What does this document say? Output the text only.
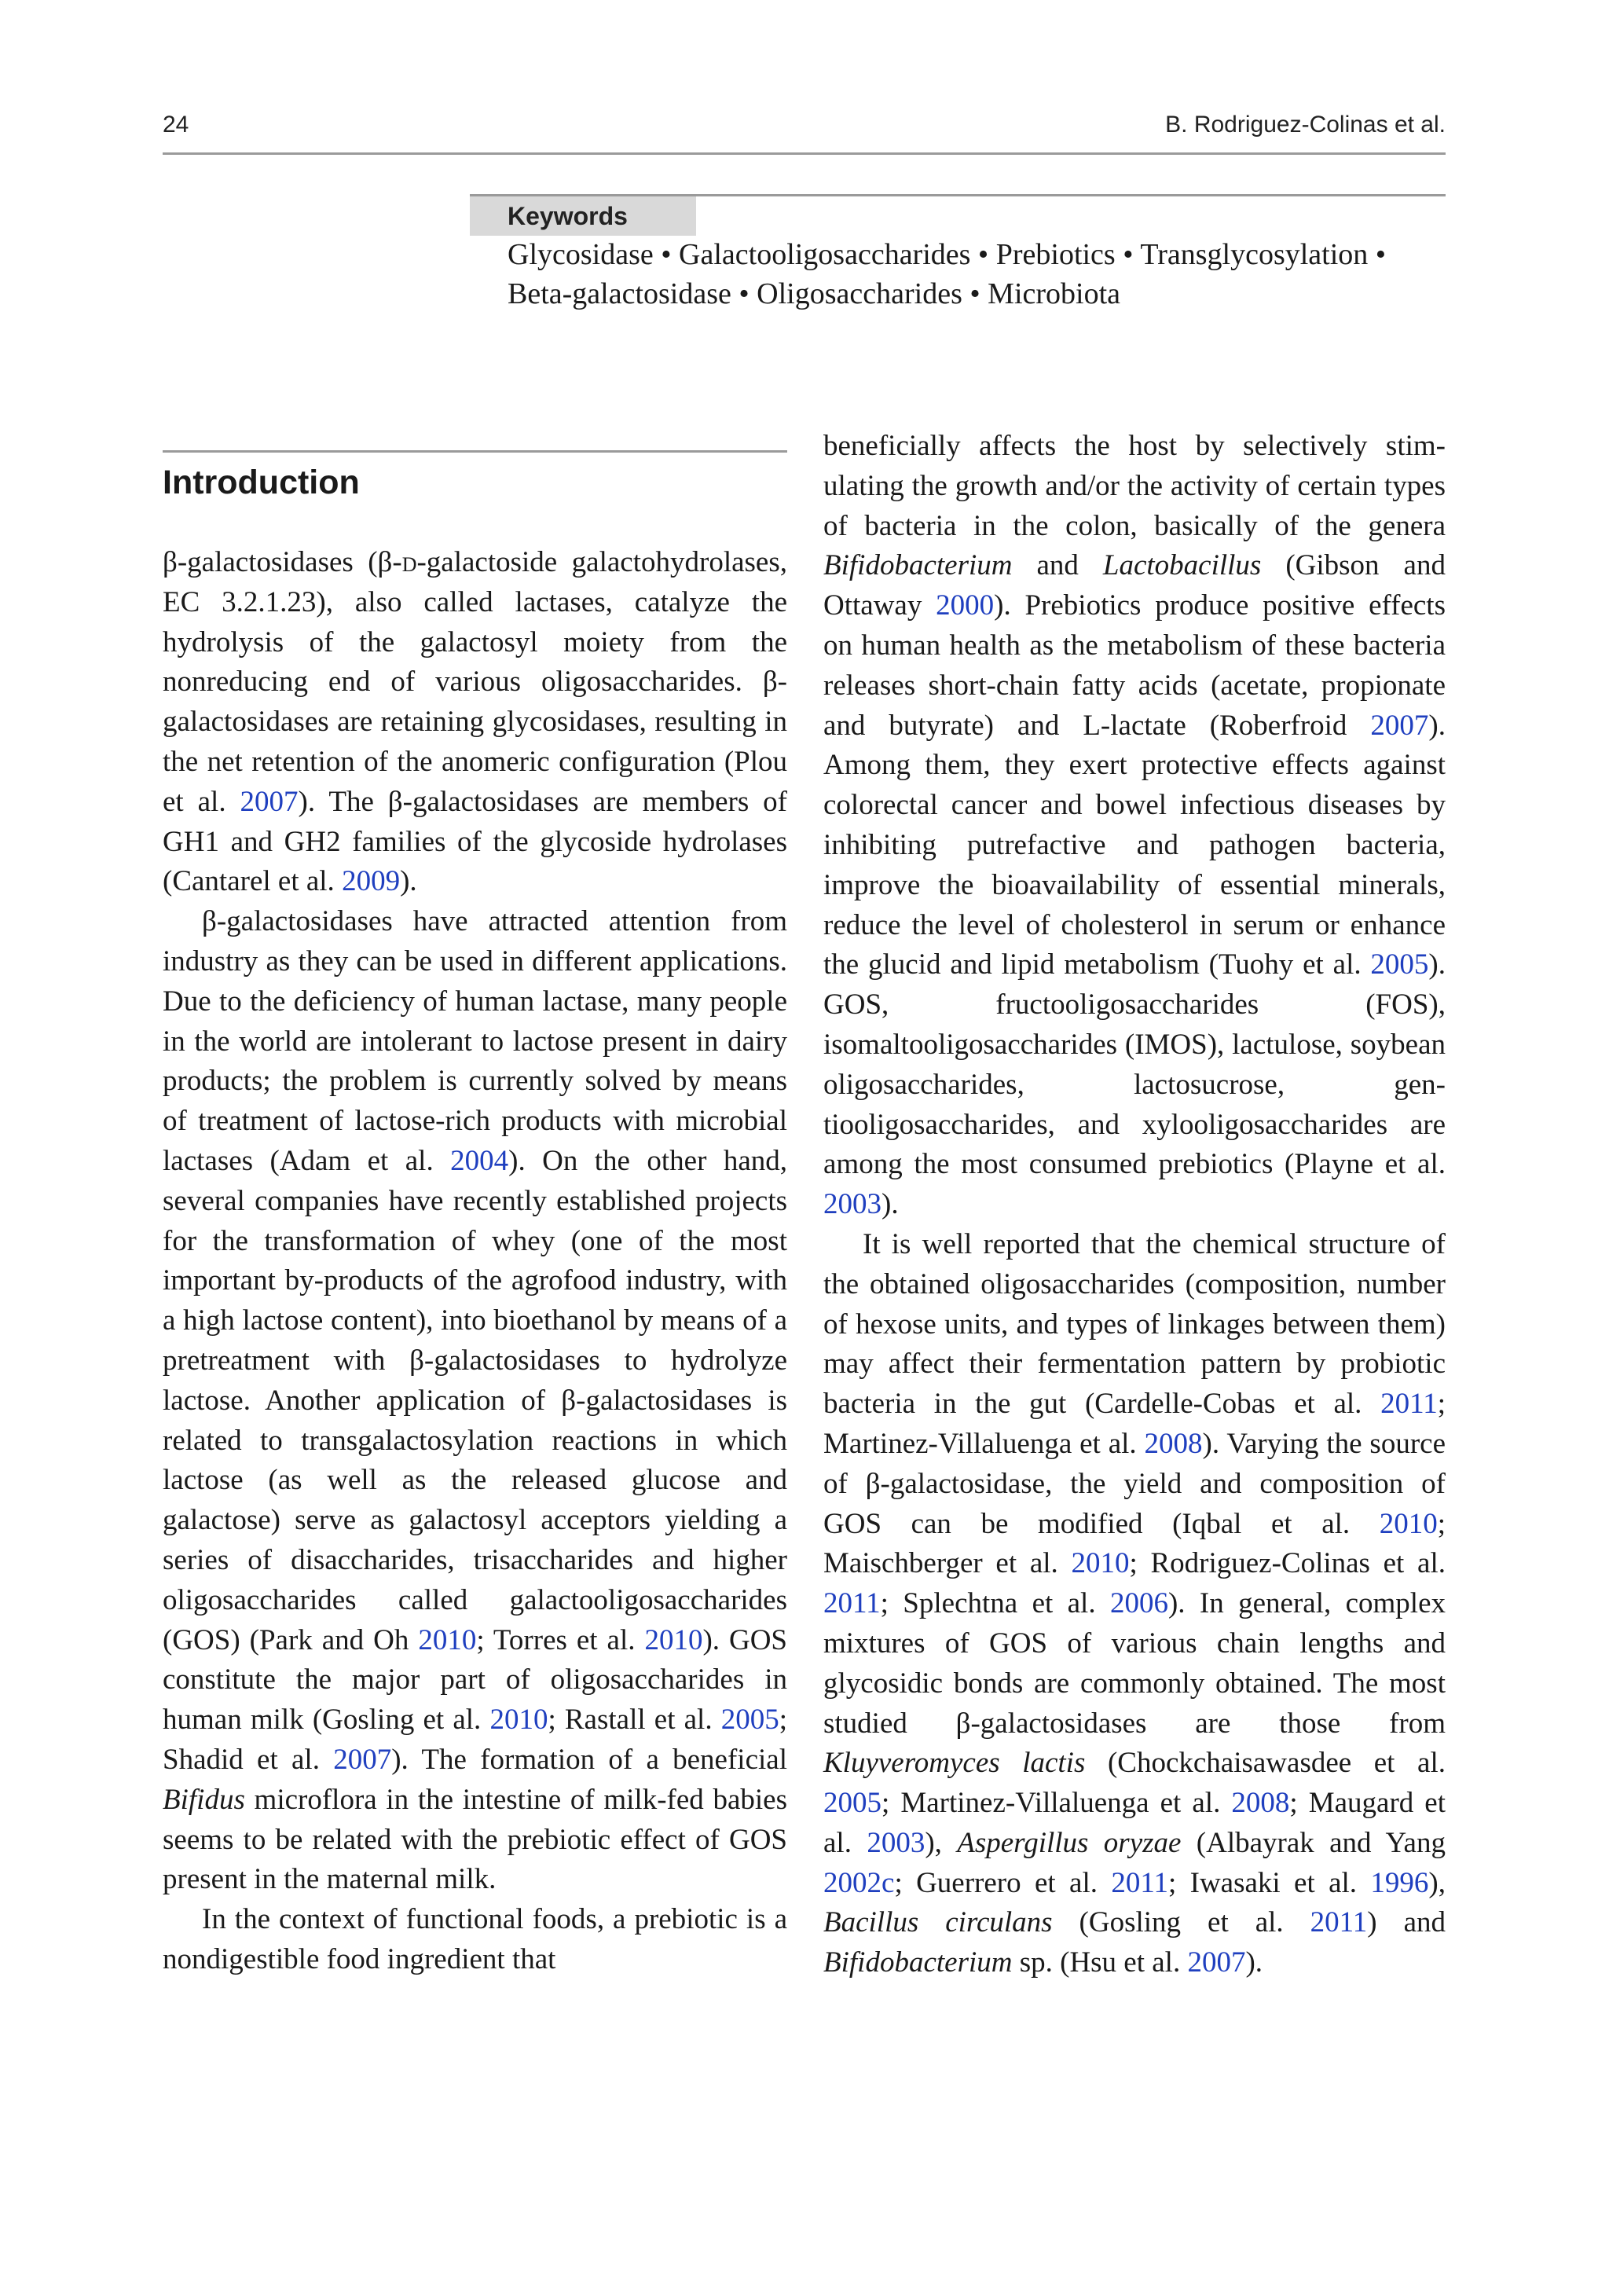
24	B. Rodriguez-Colinas et al.
Keywords
Glycosidase • Galactooligosaccharides • Prebiotics • Transglycosylation •
Beta-galactosidase • Oligosaccharides • Microbiota
Introduction

β-galactosidases (β-d-galactoside galactohydrolases, EC 3.2.1.23), also called lactases, catalyze the hydrolysis of the galactosyl moiety from the nonreducing end of various oligosaccharides. β-galactosidases are retaining glycosidases, resulting in the net retention of the anomeric configuration (Plou et al. 2007). The β-galactosidases are members of GH1 and GH2 families of the glycoside hydrolases (Cantarel et al. 2009).

β-galactosidases have attracted attention from industry as they can be used in different applications. Due to the deficiency of human lactase, many people in the world are intolerant to lactose present in dairy products; the problem is currently solved by means of treatment of lactose-rich products with microbial lactases (Adam et al. 2004). On the other hand, several companies have recently established projects for the transformation of whey (one of the most important by-products of the agrofood industry, with a high lactose content), into bioethanol by means of a pretreatment with β-galactosidases to hydrolyze lactose. Another application of β-galactosidases is related to transgalactosylation reactions in which lactose (as well as the released glucose and galactose) serve as galactosyl acceptors yielding a series of disaccharides, trisaccharides and higher oligosaccharides called galactooligosaccharides (GOS) (Park and Oh 2010; Torres et al. 2010). GOS constitute the major part of oligosaccharides in human milk (Gosling et al. 2010; Rastall et al. 2005; Shadid et al. 2007). The formation of a beneficial Bifidus microflora in the intestine of milk-fed babies seems to be related with the prebiotic effect of GOS present in the maternal milk.

In the context of functional foods, a prebiotic is a nondigestible food ingredient that

beneficially affects the host by selectively stimulating the growth and/or the activity of certain types of bacteria in the colon, basically of the genera Bifidobacterium and Lactobacillus (Gibson and Ottaway 2000). Prebiotics produce positive effects on human health as the metabolism of these bacteria releases short-chain fatty acids (acetate, propionate and butyrate) and L-lactate (Roberfroid 2007). Among them, they exert protective effects against colorectal cancer and bowel infectious diseases by inhibiting putrefactive and pathogen bacteria, improve the bioavailability of essential minerals, reduce the level of cholesterol in serum or enhance the glucid and lipid metabolism (Tuohy et al. 2005). GOS, fructooligosaccharides (FOS), isomaltooligosaccharides (IMOS), lactulose, soybean oligosaccharides, lactosucrose, gentiooligosaccharides, and xylooligosaccharides are among the most consumed prebiotics (Playne et al. 2003).

It is well reported that the chemical structure of the obtained oligosaccharides (composition, number of hexose units, and types of linkages between them) may affect their fermentation pattern by probiotic bacteria in the gut (Cardelle-Cobas et al. 2011; Martinez-Villaluenga et al. 2008). Varying the source of β-galactosidase, the yield and composition of GOS can be modified (Iqbal et al. 2010; Maischberger et al. 2010; Rodriguez-Colinas et al. 2011; Splechtna et al. 2006). In general, complex mixtures of GOS of various chain lengths and glycosidic bonds are commonly obtained. The most studied β-galactosidases are those from Kluyveromyces lactis (Chockchaisawasdee et al. 2005; Martinez-Villaluenga et al. 2008; Maugard et al. 2003), Aspergillus oryzae (Albayrak and Yang 2002c; Guerrero et al. 2011; Iwasaki et al. 1996), Bacillus circulans (Gosling et al. 2011) and Bifidobacterium sp. (Hsu et al. 2007).
